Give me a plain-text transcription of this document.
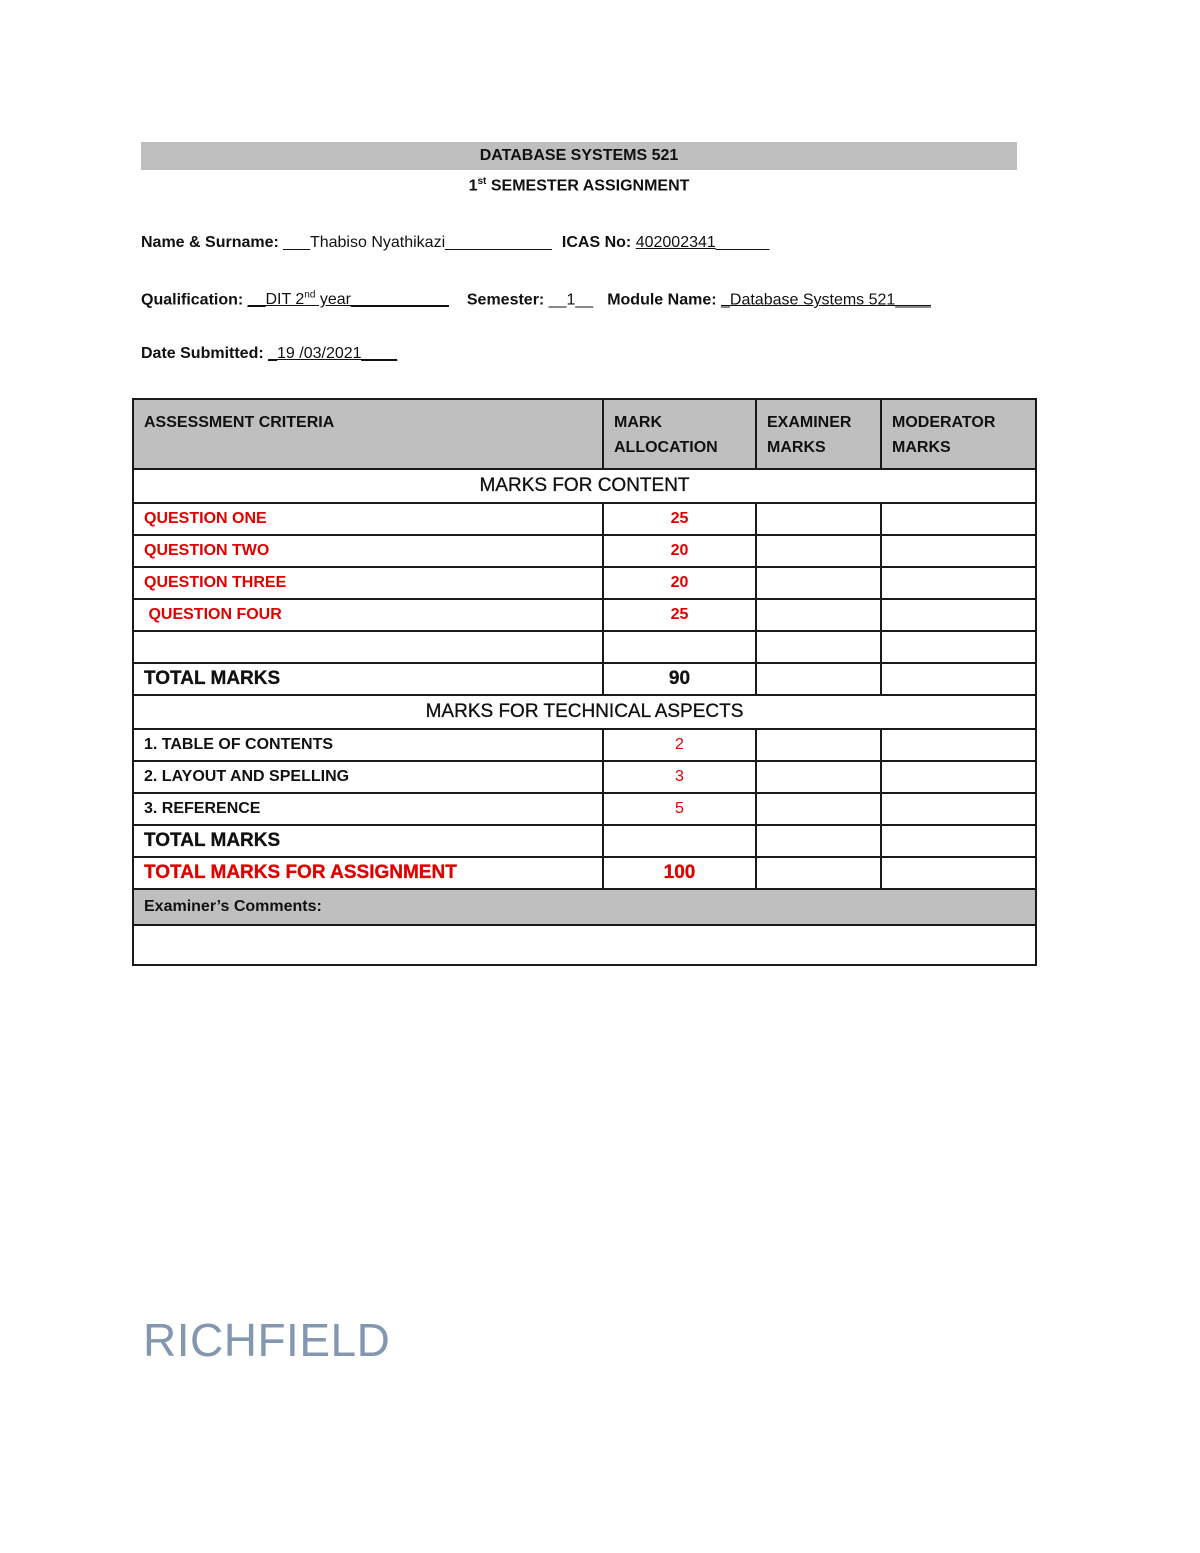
DATABASE SYSTEMS 521
1st SEMESTER ASSIGNMENT
Name & Surname: ___Thabiso Nyathikazi____________ ICAS No: 402002341______
Qualification: __DIT 2nd year___________ Semester: __1__ Module Name: _Database Systems 521____
Date Submitted: _19 /03/2021____
ASSESSMENT CRITERIA	MARK ALLOCATION	EXAMINER MARKS	MODERATOR MARKS
MARKS FOR CONTENT			
QUESTION ONE	25		
QUESTION TWO	20		
QUESTION THREE	20		
QUESTION FOUR	25		

TOTAL MARKS	90		
MARKS FOR TECHNICAL ASPECTS			
1. TABLE OF CONTENTS	2		
2. LAYOUT AND SPELLING	3		
3. REFERENCE	5		
TOTAL MARKS			
TOTAL MARKS FOR ASSIGNMENT	100		
Examiner’s Comments:			

RICHFIELD
